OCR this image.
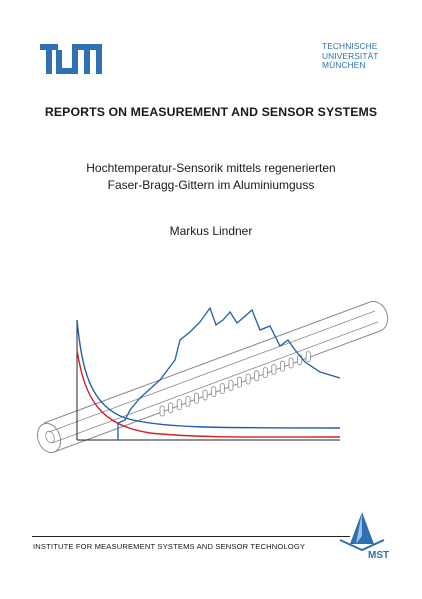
TECHNISCHE
UNIVERSITÄT
MÜNCHEN
REPORTS ON MEASUREMENT AND SENSOR SYSTEMS
Hochtemperatur-Sensorik mittels regenerierten
Faser-Bragg-Gittern im Aluminiumguss
Markus Lindner
INSTITUTE FOR MEASUREMENT SYSTEMS AND SENSOR TECHNOLOGY
MST
